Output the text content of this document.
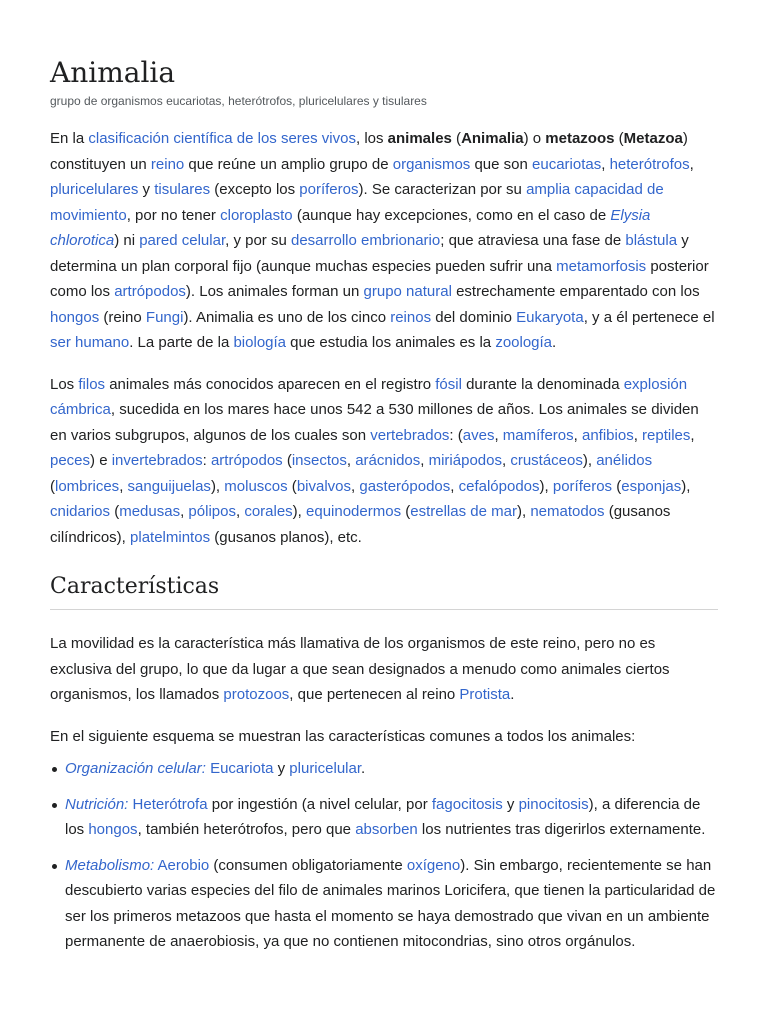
Animalia
grupo de organismos eucariotas, heterótrofos, pluricelulares y tisulares

En la clasificación científica de los seres vivos, los animales (Animalia) o metazoos (Metazoa) constituyen un reino que reúne un amplio grupo de organismos que son eucariotas, heterótrofos, pluricelulares y tisulares (excepto los poríferos). Se caracterizan por su amplia capacidad de movimiento, por no tener cloroplasto (aunque hay excepciones, como en el caso de Elysia chlorotica) ni pared celular, y por su desarrollo embrionario; que atraviesa una fase de blástula y determina un plan corporal fijo (aunque muchas especies pueden sufrir una metamorfosis posterior como los artrópodos). Los animales forman un grupo natural estrechamente emparentado con los hongos (reino Fungi). Animalia es uno de los cinco reinos del dominio Eukaryota, y a él pertenece el ser humano. La parte de la biología que estudia los animales es la zoología.

Los filos animales más conocidos aparecen en el registro fósil durante la denominada explosión cámbrica, sucedida en los mares hace unos 542 a 530 millones de años. Los animales se dividen en varios subgrupos, algunos de los cuales son vertebrados: (aves, mamíferos, anfibios, reptiles, peces) e invertebrados: artrópodos (insectos, arácnidos, miriápodos, crustáceos), anélidos (lombrices, sanguijuelas), moluscos (bivalvos, gasterópodos, cefalópodos), poríferos (esponjas), cnidarios (medusas, pólipos, corales), equinodermos (estrellas de mar), nematodos (gusanos cilíndricos), platelmintos (gusanos planos), etc.

Características

La movilidad es la característica más llamativa de los organismos de este reino, pero no es exclusiva del grupo, lo que da lugar a que sean designados a menudo como animales ciertos organismos, los llamados protozoos, que pertenecen al reino Protista.

En el siguiente esquema se muestran las características comunes a todos los animales:

Organización celular: Eucariota y pluricelular.
Nutrición: Heterótrofa por ingestión (a nivel celular, por fagocitosis y pinocitosis), a diferencia de los hongos, también heterótrofos, pero que absorben los nutrientes tras digerirlos externamente.
Metabolismo: Aerobio (consumen obligatoriamente oxígeno). Sin embargo, recientemente se han descubierto varias especies del filo de animales marinos Loricifera, que tienen la particularidad de ser los primeros metazoos que hasta el momento se haya demostrado que vivan en un ambiente permanente de anaerobiosis, ya que no contienen mitocondrias, sino otros orgánulos.
